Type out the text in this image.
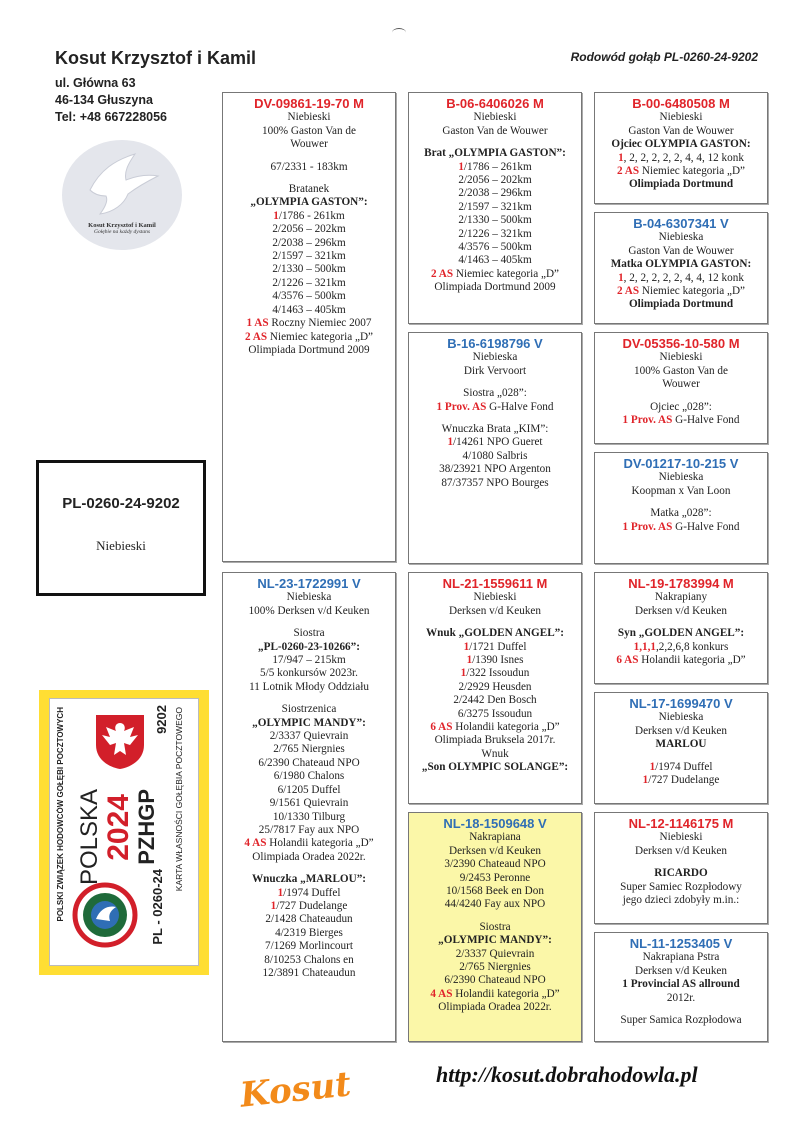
Kosut Krzysztof i Kamil
ul. Główna 63
46-134 Głuszyna
Tel: +48 667228056
Rodowód gołąb PL-0260-24-9202
Kosut Krzysztof i Kamil
Gołębie na każdy dystans
PL-0260-24-9202
Niebieski
POLSKI ZWIĄZEK HODOWCÓW GOŁĘBI POCZTOWYCH POLSKA 2024 PZHGP
9202
PL - 0260-24
KARTA WŁASNOŚCI GOŁĘBIA POCZTOWEGO
DV-09861-19-70 M
Niebieski
100% Gaston Van de
Wouwer
67/2331 - 183km
Bratanek
„OLYMPIA GASTON”:
1/1786 - 261km
2/2056 – 202km
2/2038 – 296km
2/1597 – 321km
2/1330 – 500km
2/1226 – 321km
4/3576 – 500km
4/1463 – 405km
1 AS Roczny Niemiec 2007
2 AS Niemiec kategoria „D”
Olimpiada Dortmund 2009
B-06-6406026 M
Niebieski
Gaston Van de Wouwer
Brat „OLYMPIA GASTON”:
1/1786 – 261km
2/2056 – 202km
2/2038 – 296km
2/1597 – 321km
2/1330 – 500km
2/1226 – 321km
4/3576 – 500km
4/1463 – 405km
2 AS Niemiec kategoria „D”
Olimpiada Dortmund 2009
B-00-6480508 M
Niebieski
Gaston Van de Wouwer
Ojciec OLYMPIA GASTON:
1, 2, 2, 2, 2, 2, 4, 4, 12 konk
2 AS Niemiec kategoria „D”
Olimpiada Dortmund
B-04-6307341 V
Niebieska
Gaston Van de Wouwer
Matka OLYMPIA GASTON:
1, 2, 2, 2, 2, 2, 4, 4, 12 konk
2 AS Niemiec kategoria „D”
Olimpiada Dortmund
B-16-6198796 V
Niebieska
Dirk Vervoort
Siostra „028”:
1 Prov. AS G-Halve Fond
Wnuczka Brata „KIM”:
1/14261 NPO Gueret
4/1080 Salbris
38/23921 NPO Argenton
87/37357 NPO Bourges
DV-05356-10-580 M
Niebieski
100% Gaston Van de
Wouwer
Ojciec „028”:
1 Prov. AS G-Halve Fond
DV-01217-10-215 V
Niebieska
Koopman x Van Loon
Matka „028”:
1 Prov. AS G-Halve Fond
NL-23-1722991 V
Niebieska
100% Derksen v/d Keuken
Siostra
„PL-0260-23-10266”:
17/947 – 215km
5/5 konkursów 2023r.
11 Lotnik Młody Oddziału
Siostrzenica
„OLYMPIC MANDY”:
2/3337 Quievrain
2/765 Niergnies
6/2390 Chateaud NPO
6/1980 Chalons
6/1205 Duffel
9/1561 Quievrain
10/1330 Tilburg
25/7817 Fay aux NPO
4 AS Holandii kategoria „D”
Olimpiada Oradea 2022r.
Wnuczka „MARLOU”:
1/1974 Duffel
1/727 Dudelange
2/1428 Chateaudun
4/2319 Bierges
7/1269 Morlincourt
8/10253 Chalons en
12/3891 Chateaudun
NL-21-1559611 M
Niebieski
Derksen v/d Keuken
Wnuk „GOLDEN ANGEL”:
1/1721 Duffel
1/1390 Isnes
1/322 Issoudun
2/2929 Heusden
2/2442 Den Bosch
6/3275 Issoudun
6 AS Holandii kategoria „D”
Olimpiada Bruksela 2017r.
Wnuk
„Son OLYMPIC SOLANGE”:
NL-19-1783994 M
Nakrapiany
Derksen v/d Keuken
Syn „GOLDEN ANGEL”:
1,1,1,2,2,6,8 konkurs
6 AS Holandii kategoria „D”
NL-17-1699470 V
Niebieska
Derksen v/d Keuken
MARLOU
1/1974 Duffel
1/727 Dudelange
NL-18-1509648 V
Nakrapiana
Derksen v/d Keuken
3/2390 Chateaud NPO
9/2453 Peronne
10/1568 Beek en Don
44/4240 Fay aux NPO
Siostra
„OLYMPIC MANDY”:
2/3337 Quievrain
2/765 Niergnies
6/2390 Chateaud NPO
4 AS Holandii kategoria „D”
Olimpiada Oradea 2022r.
NL-12-1146175 M
Niebieski
Derksen v/d Keuken
RICARDO
Super Samiec Rozpłodowy
jego dzieci zdobyły m.in.:
NL-11-1253405 V
Nakrapiana Pstra
Derksen v/d Keuken
1 Provincial AS allround
2012r.
Super Samica Rozpłodowa
Kosut	http://kosut.dobrahodowla.pl
